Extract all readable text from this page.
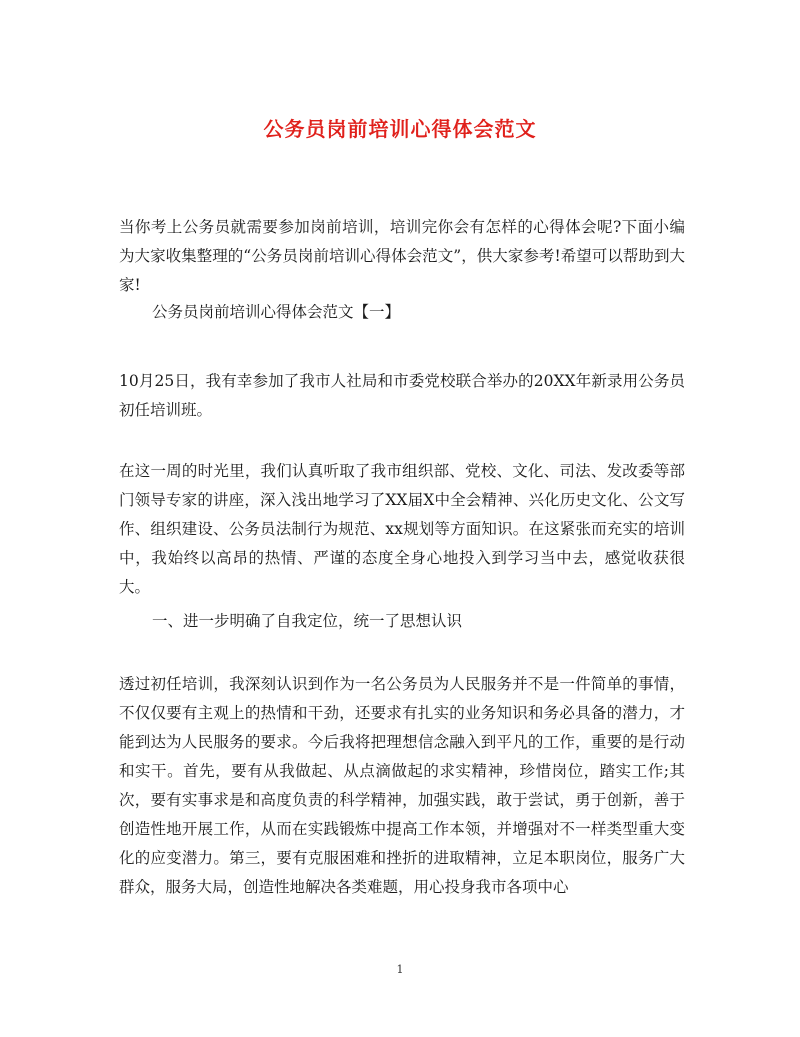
公务员岗前培训心得体会范文

当你考上公务员就需要参加岗前培训，培训完你会有怎样的心得体会呢?下面小编为大家收集整理的“公务员岗前培训心得体会范文”，供大家参考!希望可以帮助到大家!

公务员岗前培训心得体会范文【一】

10月25日，我有幸参加了我市人社局和市委党校联合举办的20XX年新录用公务员初任培训班。

在这一周的时光里，我们认真听取了我市组织部、党校、文化、司法、发改委等部门领导专家的讲座，深入浅出地学习了XX届X中全会精神、兴化历史文化、公文写作、组织建设、公务员法制行为规范、xx规划等方面知识。在这紧张而充实的培训中，我始终以高昂的热情、严谨的态度全身心地投入到学习当中去，感觉收获很大。

一、进一步明确了自我定位，统一了思想认识

透过初任培训，我深刻认识到作为一名公务员为人民服务并不是一件简单的事情，不仅仅要有主观上的热情和干劲，还要求有扎实的业务知识和务必具备的潜力，才能到达为人民服务的要求。今后我将把理想信念融入到平凡的工作，重要的是行动和实干。首先，要有从我做起、从点滴做起的求实精神，珍惜岗位，踏实工作;其次，要有实事求是和高度负责的科学精神，加强实践，敢于尝试，勇于创新，善于创造性地开展工作，从而在实践锻炼中提高工作本领，并增强对不一样类型重大变化的应变潜力。第三，要有克服困难和挫折的进取精神，立足本职岗位，服务广大群众，服务大局，创造性地解决各类难题，用心投身我市各项中心

1
